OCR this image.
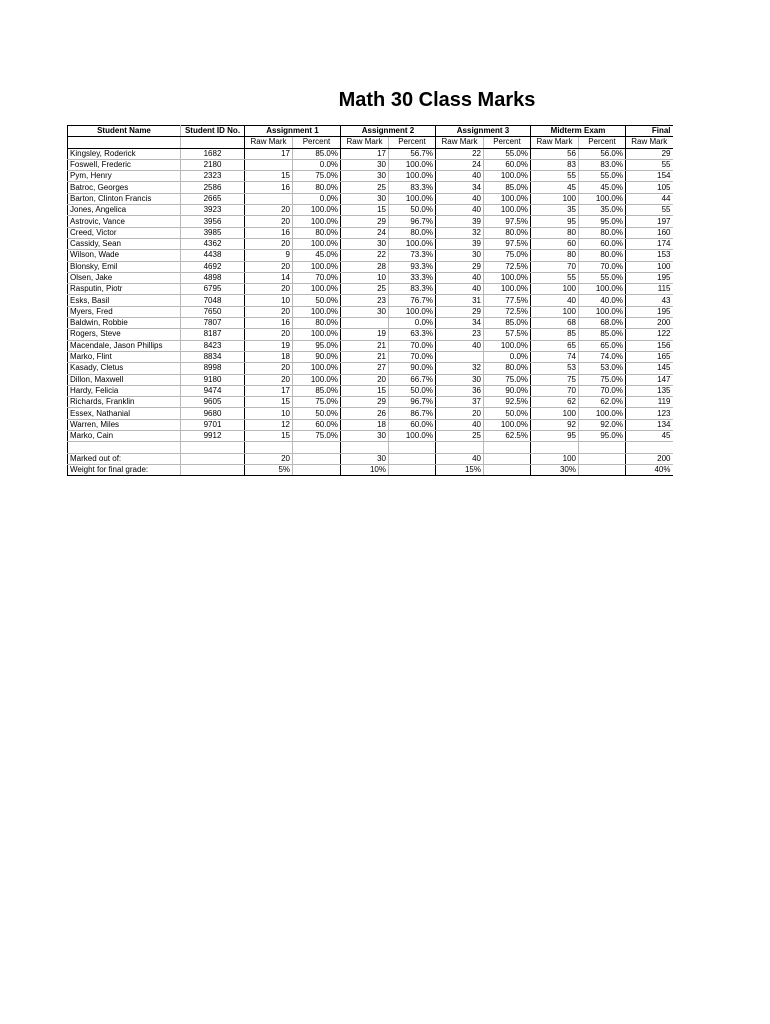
Math 30 Class Marks
Student Name	Student ID No.	Assignment 1		Assignment 2		Assignment 3		Midterm Exam		Final
		Raw Mark	Percent	Raw Mark	Percent	Raw Mark	Percent	Raw Mark	Percent	Raw Mark
Kingsley, Roderick	1682	17	85.0%	17	56.7%	22	55.0%	56	56.0%	29
Foswell, Frederic	2180		0.0%	30	100.0%	24	60.0%	83	83.0%	55
Pym, Henry	2323	15	75.0%	30	100.0%	40	100.0%	55	55.0%	154
Batroc, Georges	2586	16	80.0%	25	83.3%	34	85.0%	45	45.0%	105
Barton, Clinton Francis	2665		0.0%	30	100.0%	40	100.0%	100	100.0%	44
Jones, Angelica	3923	20	100.0%	15	50.0%	40	100.0%	35	35.0%	55
Astrovic, Vance	3956	20	100.0%	29	96.7%	39	97.5%	95	95.0%	197
Creed, Victor	3985	16	80.0%	24	80.0%	32	80.0%	80	80.0%	160
Cassidy, Sean	4362	20	100.0%	30	100.0%	39	97.5%	60	60.0%	174
Wilson, Wade	4438	9	45.0%	22	73.3%	30	75.0%	80	80.0%	153
Blonsky, Emil	4692	20	100.0%	28	93.3%	29	72.5%	70	70.0%	100
Olsen, Jake	4898	14	70.0%	10	33.3%	40	100.0%	55	55.0%	195
Rasputin, Piotr	6795	20	100.0%	25	83.3%	40	100.0%	100	100.0%	115
Esks, Basil	7048	10	50.0%	23	76.7%	31	77.5%	40	40.0%	43
Myers, Fred	7650	20	100.0%	30	100.0%	29	72.5%	100	100.0%	195
Baldwin, Robbie	7807	16	80.0%		0.0%	34	85.0%	68	68.0%	200
Rogers, Steve	8187	20	100.0%	19	63.3%	23	57.5%	85	85.0%	122
Macendale, Jason Phillips	8423	19	95.0%	21	70.0%	40	100.0%	65	65.0%	156
Marko, Flint	8834	18	90.0%	21	70.0%		0.0%	74	74.0%	165
Kasady, Cletus	8998	20	100.0%	27	90.0%	32	80.0%	53	53.0%	145
Dillon, Maxwell	9180	20	100.0%	20	66.7%	30	75.0%	75	75.0%	147
Hardy, Felicia	9474	17	85.0%	15	50.0%	36	90.0%	70	70.0%	135
Richards, Franklin	9605	15	75.0%	29	96.7%	37	92.5%	62	62.0%	119
Essex, Nathanial	9680	10	50.0%	26	86.7%	20	50.0%	100	100.0%	123
Warren, Miles	9701	12	60.0%	18	60.0%	40	100.0%	92	92.0%	134
Marko, Cain	9912	15	75.0%	30	100.0%	25	62.5%	95	95.0%	45

Marked out of:		20		30		40		100		200
Weight for final grade:		5%		10%		15%		30%		40%
